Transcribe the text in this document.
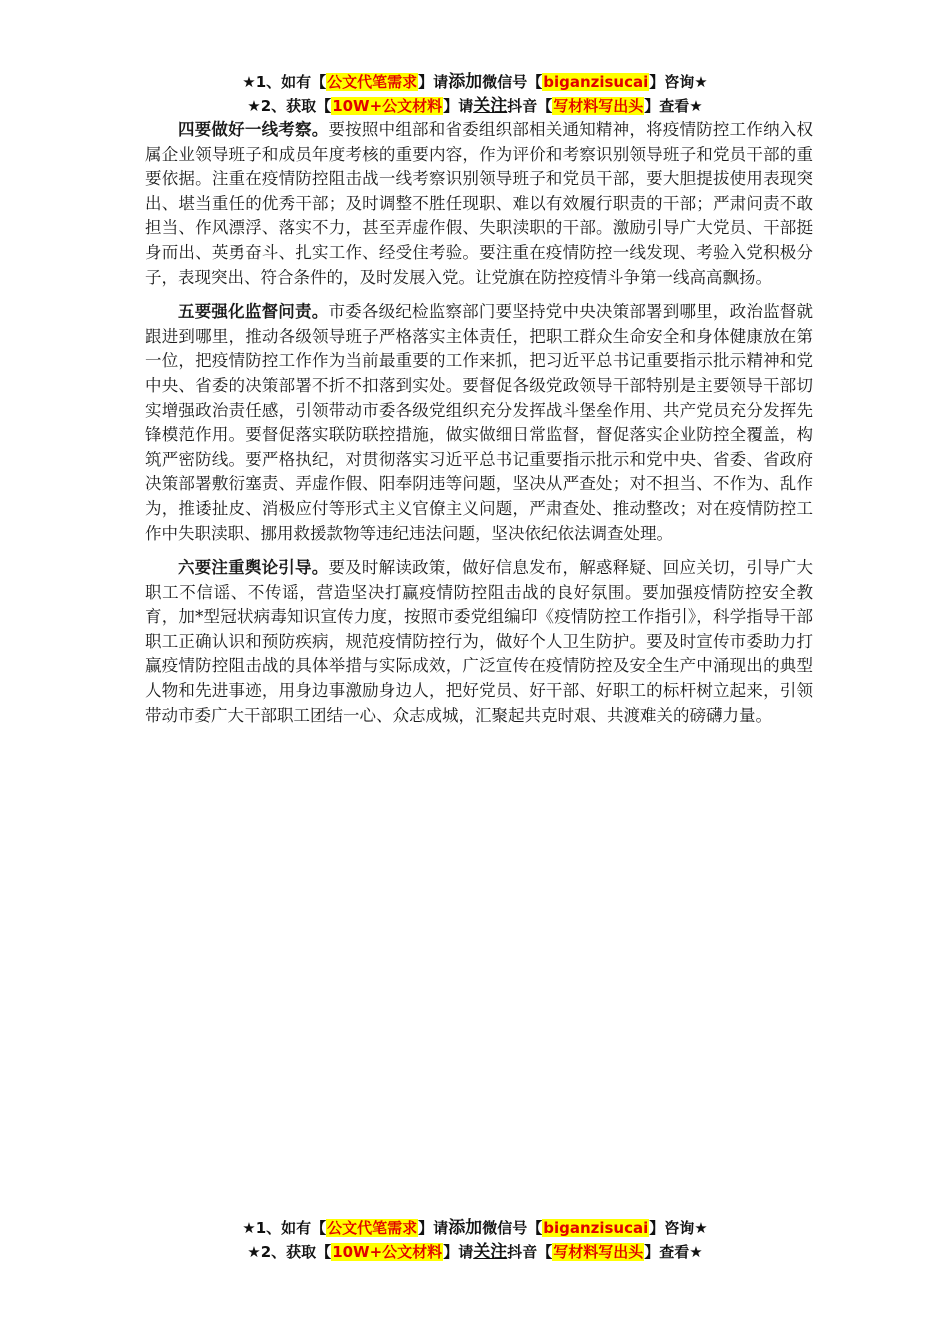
★1、如有【公文代笔需求】请添加微信号【biganzisucai】咨询★
★2、获取【10W+公文材料】请关注抖音【写材料写出头】查看★

四要做好一线考察。要按照中组部和省委组织部相关通知精神，将疫情防控工作纳入权属企业领导班子和成员年度考核的重要内容，作为评价和考察识别领导班子和党员干部的重要依据。注重在疫情防控阻击战一线考察识别领导班子和党员干部，要大胆提拔使用表现突出、堪当重任的优秀干部；及时调整不胜任现职、难以有效履行职责的干部；严肃问责不敢担当、作风漂浮、落实不力，甚至弄虚作假、失职渎职的干部。激励引导广大党员、干部挺身而出、英勇奋斗、扎实工作、经受住考验。要注重在疫情防控一线发现、考验入党积极分子，表现突出、符合条件的，及时发展入党。让党旗在防控疫情斗争第一线高高飘扬。

五要强化监督问责。市委各级纪检监察部门要坚持党中央决策部署到哪里，政治监督就跟进到哪里，推动各级领导班子严格落实主体责任，把职工群众生命安全和身体健康放在第一位，把疫情防控工作作为当前最重要的工作来抓，把习近平总书记重要指示批示精神和党中央、省委的决策部署不折不扣落到实处。要督促各级党政领导干部特别是主要领导干部切实增强政治责任感，引领带动市委各级党组织充分发挥战斗堡垒作用、共产党员充分发挥先锋模范作用。要督促落实联防联控措施，做实做细日常监督，督促落实企业防控全覆盖，构筑严密防线。要严格执纪，对贯彻落实习近平总书记重要指示批示和党中央、省委、省政府决策部署敷衍塞责、弄虚作假、阳奉阴违等问题，坚决从严查处；对不担当、不作为、乱作为，推诿扯皮、消极应付等形式主义官僚主义问题，严肃查处、推动整改；对在疫情防控工作中失职渎职、挪用救援款物等违纪违法问题，坚决依纪依法调查处理。

六要注重舆论引导。要及时解读政策，做好信息发布，解惑释疑、回应关切，引导广大职工不信谣、不传谣，营造坚决打赢疫情防控阻击战的良好氛围。要加强疫情防控安全教育，加*型冠状病毒知识宣传力度，按照市委党组编印《疫情防控工作指引》，科学指导干部职工正确认识和预防疾病，规范疫情防控行为，做好个人卫生防护。要及时宣传市委助力打赢疫情防控阻击战的具体举措与实际成效，广泛宣传在疫情防控及安全生产中涌现出的典型人物和先进事迹，用身边事激励身边人，把好党员、好干部、好职工的标杆树立起来，引领带动市委广大干部职工团结一心、众志成城，汇聚起共克时艰、共渡难关的磅礴力量。

★1、如有【公文代笔需求】请添加微信号【biganzisucai】咨询★
★2、获取【10W+公文材料】请关注抖音【写材料写出头】查看★
